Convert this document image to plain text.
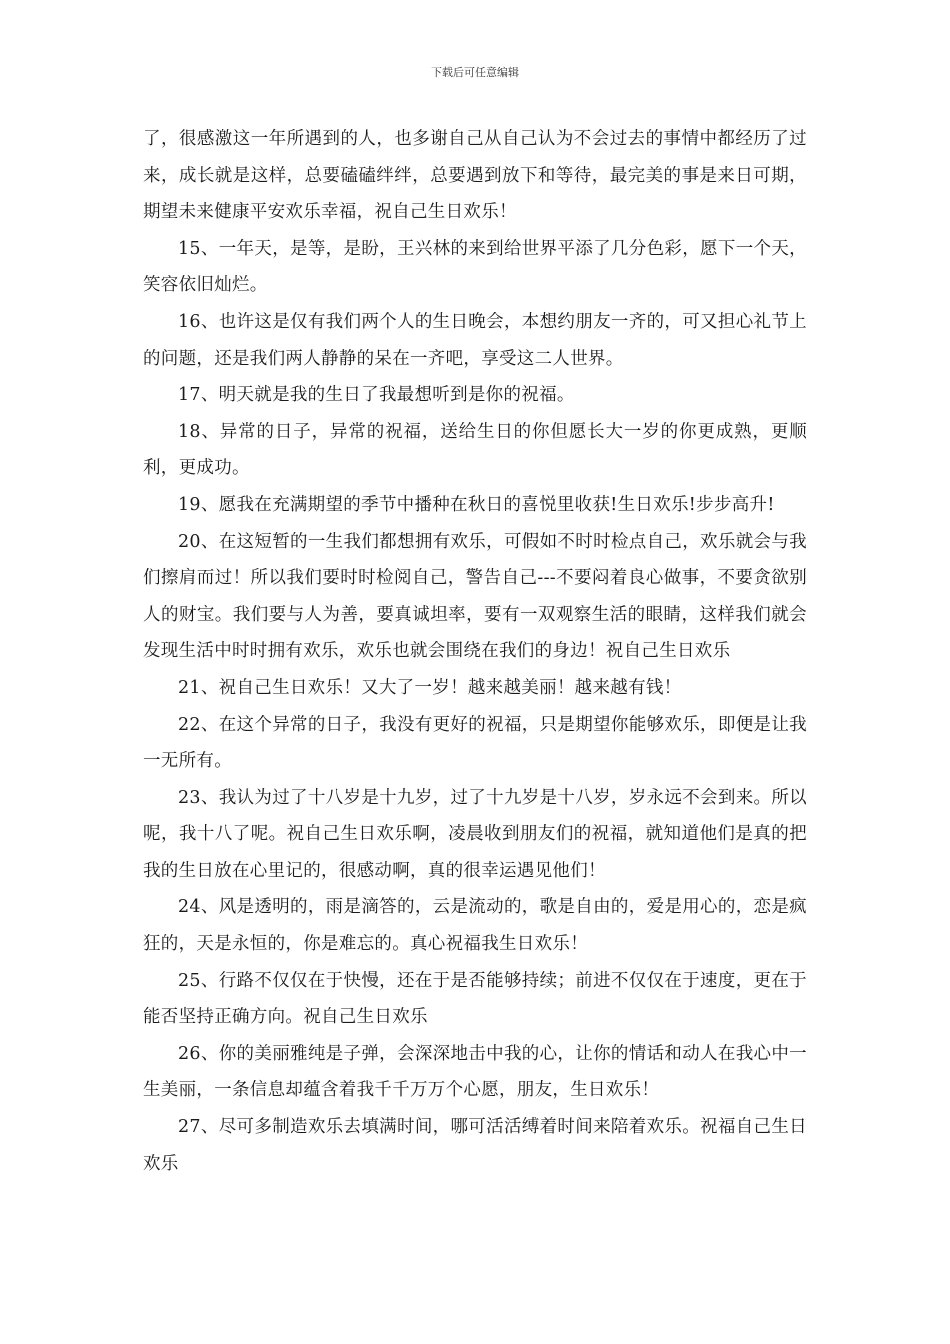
下载后可任意编辑

了，很感激这一年所遇到的人，也多谢自己从自己认为不会过去的事情中都经历了过来，成长就是这样，总要磕磕绊绊，总要遇到放下和等待，最完美的事是来日可期，期望未来健康平安欢乐幸福，祝自己生日欢乐！

15、一年天，是等，是盼，王兴林的来到给世界平添了几分色彩，愿下一个天，笑容依旧灿烂。

16、也许这是仅有我们两个人的生日晚会，本想约朋友一齐的，可又担心礼节上的问题，还是我们两人静静的呆在一齐吧，享受这二人世界。

17、明天就是我的生日了我最想听到是你的祝福。

18、异常的日子，异常的祝福，送给生日的你但愿长大一岁的你更成熟，更顺利，更成功。

19、愿我在充满期望的季节中播种在秋日的喜悦里收获!生日欢乐!步步高升!

20、在这短暂的一生我们都想拥有欢乐，可假如不时时检点自己，欢乐就会与我们擦肩而过！所以我们要时时检阅自己，警告自己---不要闷着良心做事，不要贪欲别人的财宝。我们要与人为善，要真诚坦率，要有一双观察生活的眼睛，这样我们就会发现生活中时时拥有欢乐，欢乐也就会围绕在我们的身边！祝自己生日欢乐

21、祝自己生日欢乐！又大了一岁！越来越美丽！越来越有钱！

22、在这个异常的日子，我没有更好的祝福，只是期望你能够欢乐，即便是让我一无所有。

23、我认为过了十八岁是十九岁，过了十九岁是十八岁，岁永远不会到来。所以呢，我十八了呢。祝自己生日欢乐啊，凌晨收到朋友们的祝福，就知道他们是真的把我的生日放在心里记的，很感动啊，真的很幸运遇见他们！

24、风是透明的，雨是滴答的，云是流动的，歌是自由的，爱是用心的，恋是疯狂的，天是永恒的，你是难忘的。真心祝福我生日欢乐！

25、行路不仅仅在于快慢，还在于是否能够持续；前进不仅仅在于速度，更在于能否坚持正确方向。祝自己生日欢乐

26、你的美丽雅纯是子弹，会深深地击中我的心，让你的情话和动人在我心中一生美丽，一条信息却蕴含着我千千万万个心愿，朋友，生日欢乐！

27、尽可多制造欢乐去填满时间，哪可活活缚着时间来陪着欢乐。祝福自己生日欢乐
